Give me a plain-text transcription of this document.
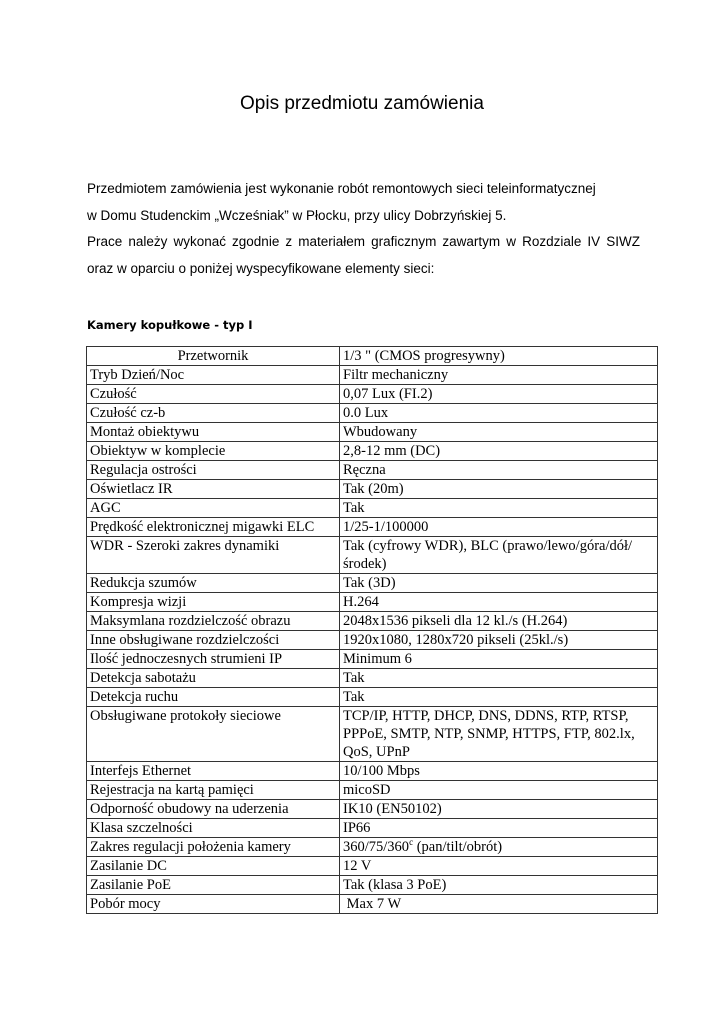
Opis przedmiotu zamówienia

Przedmiotem zamówienia jest wykonanie robót remontowych sieci teleinformatycznej

w Domu Studenckim „Wcześniak” w Płocku, przy ulicy Dobrzyńskiej 5.

Prace należy wykonać zgodnie z materiałem graficznym zawartym w Rozdziale IV SIWZ oraz w oparciu o poniżej wyspecyfikowane elementy sieci:

Kamery kopułkowe - typ I
Przetwornik	1/3 " (CMOS progresywny)
Tryb Dzień/Noc	Filtr mechaniczny
Czułość	0,07 Lux (FI.2)
Czułość cz-b	0.0 Lux
Montaż obiektywu	Wbudowany
Obiektyw w komplecie	2,8-12 mm (DC)
Regulacja ostrości	Ręczna
Oświetlacz IR	Tak (20m)
AGC	Tak
Prędkość elektronicznej migawki ELC	1/25-1/100000
WDR - Szeroki zakres dynamiki	Tak (cyfrowy WDR), BLC (prawo/lewo/góra/dół/środek)
Redukcja szumów	Tak (3D)
Kompresja wizji	H.264
Maksymlana rozdzielczość obrazu	2048x1536 pikseli dla 12 kl./s (H.264)
Inne obsługiwane rozdzielczości	1920x1080, 1280x720 pikseli (25kl./s)
Ilość jednoczesnych strumieni IP	Minimum 6
Detekcja sabotażu	Tak
Detekcja ruchu	Tak
Obsługiwane protokoły sieciowe	TCP/IP, HTTP, DHCP, DNS, DDNS, RTP, RTSP, PPPoE, SMTP, NTP, SNMP, HTTPS, FTP, 802.lx, QoS, UPnP
Interfejs Ethernet	10/100 Mbps
Rejestracja na kartą pamięci	micoSD
Odporność obudowy na uderzenia	IK10 (EN50102)
Klasa szczelności	IP66
Zakres regulacji położenia kamery	360/75/360$^c$ (pan/tilt/obrót)
Zasilanie DC	12 V
Zasilanie PoE	Tak (klasa 3 PoE)
Pobór mocy	Max 7 W
